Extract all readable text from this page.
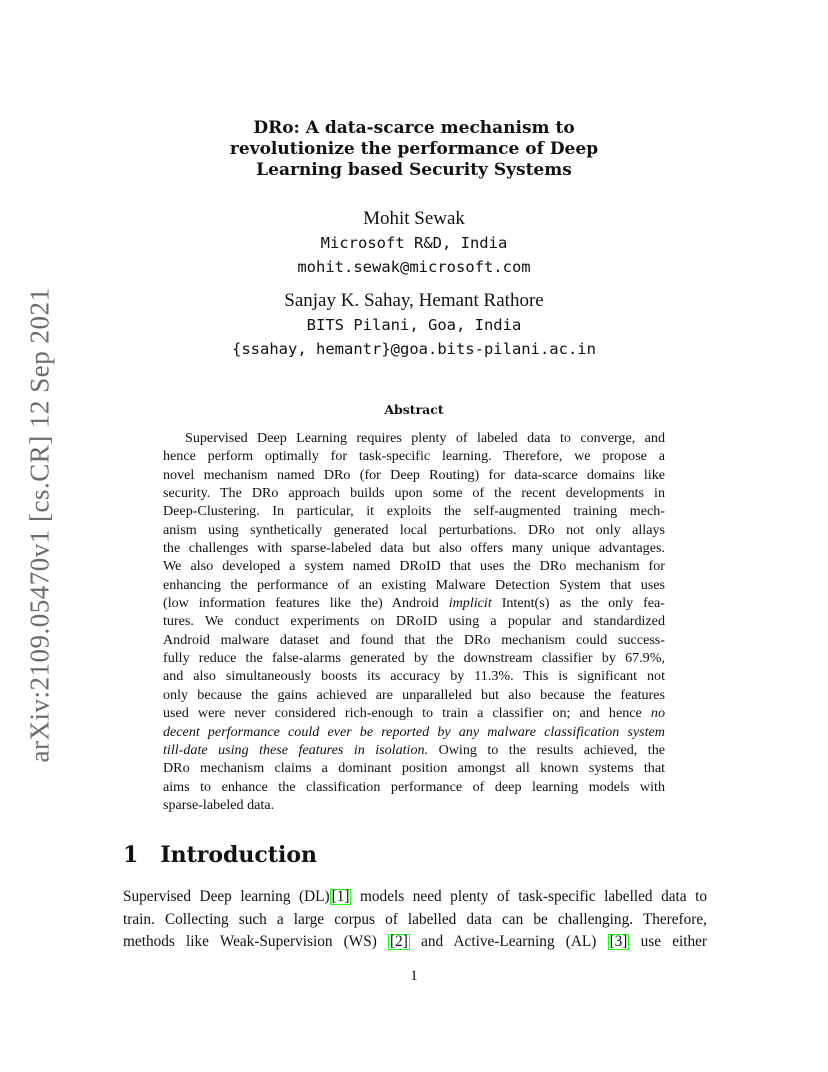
arXiv:2109.05470v1 [cs.CR] 12 Sep 2021
DRo: A data-scarce mechanism to
revolutionize the performance of Deep
Learning based Security Systems
Mohit Sewak
Microsoft R&D, India
mohit.sewak@microsoft.com
Sanjay K. Sahay, Hemant Rathore
BITS Pilani, Goa, India
{ssahay, hemantr}@goa.bits-pilani.ac.in
Abstract
Supervised Deep Learning requires plenty of labeled data to converge, and
hence perform optimally for task-specific learning. Therefore, we propose a
novel mechanism named DRo (for Deep Routing) for data-scarce domains like
security. The DRo approach builds upon some of the recent developments in
Deep-Clustering. In particular, it exploits the self-augmented training mech-
anism using synthetically generated local perturbations. DRo not only allays
the challenges with sparse-labeled data but also offers many unique advantages.
We also developed a system named DRoID that uses the DRo mechanism for
enhancing the performance of an existing Malware Detection System that uses
(low information features like the) Android implicit Intent(s) as the only fea-
tures. We conduct experiments on DRoID using a popular and standardized
Android malware dataset and found that the DRo mechanism could success-
fully reduce the false-alarms generated by the downstream classifier by 67.9%,
and also simultaneously boosts its accuracy by 11.3%. This is significant not
only because the gains achieved are unparalleled but also because the features
used were never considered rich-enough to train a classifier on; and hence no
decent performance could ever be reported by any malware classification system
till-date using these features in isolation. Owing to the results achieved, the
DRo mechanism claims a dominant position amongst all known systems that
aims to enhance the classification performance of deep learning models with
sparse-labeled data.
1 Introduction
Supervised Deep learning (DL) [1] models need plenty of task-specific labelled data to
train. Collecting such a large corpus of labelled data can be challenging. Therefore,
methods like Weak-Supervision (WS) [2] and Active-Learning (AL) [3] use either
1
